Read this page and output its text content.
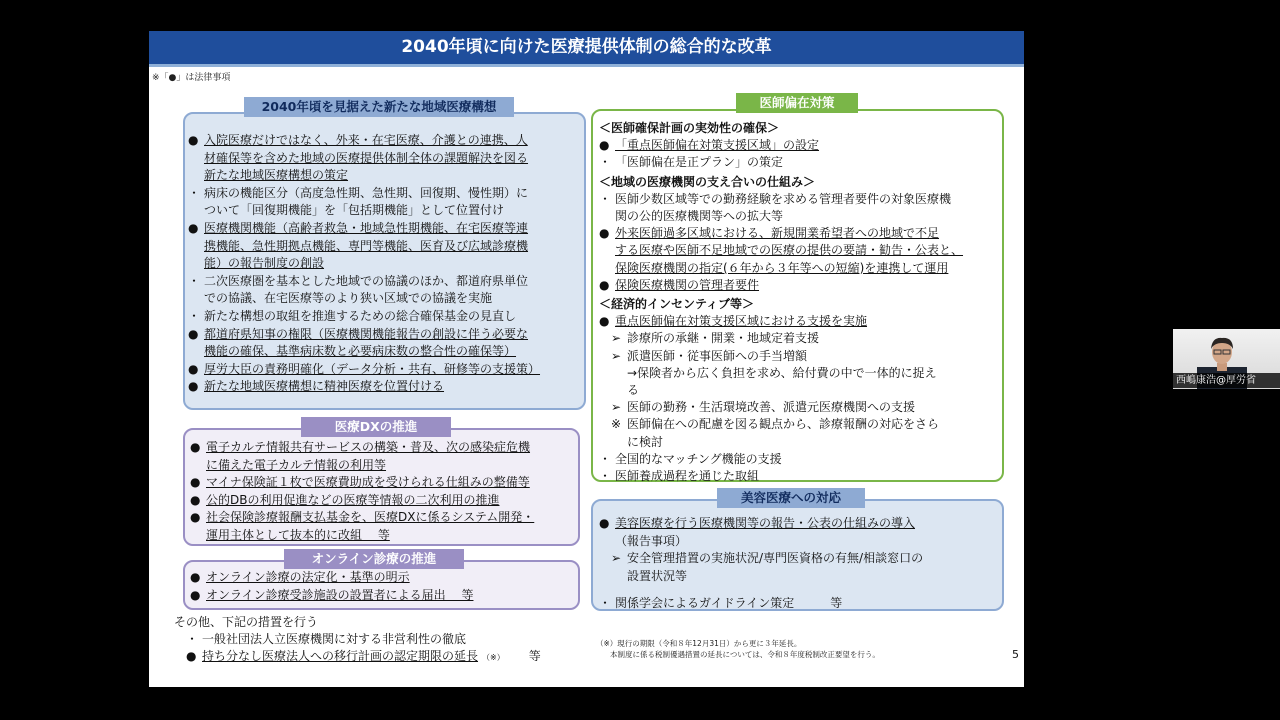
2040年頃に向けた医療提供体制の総合的な改革
※「●」は法律事項
2040年頃を見据えた新たな地域医療構想
● 入院医療だけではなく、外来・在宅医療、介護との連携、人
材確保等を含めた地域の医療提供体制全体の課題解決を図る
新たな地域医療構想の策定
・ 病床の機能区分（高度急性期、急性期、回復期、慢性期）に
ついて「回復期機能」を「包括期機能」として位置付け
● 医療機関機能（高齢者救急・地域急性期機能、在宅医療等連
携機能、急性期拠点機能、専門等機能、医育及び広域診療機
能）の報告制度の創設
・ 二次医療圏を基本とした地域での協議のほか、都道府県単位
での協議、在宅医療等のより狭い区域での協議を実施
・ 新たな構想の取組を推進するための総合確保基金の見直し
● 都道府県知事の権限（医療機関機能報告の創設に伴う必要な
機能の確保、基準病床数と必要病床数の整合性の確保等）
● 厚労大臣の責務明確化（データ分析・共有、研修等の支援策）
● 新たな地域医療構想に精神医療を位置付ける
医療DXの推進
● 電子カルテ情報共有サービスの構築・普及、次の感染症危機
に備えた電子カルテ情報の利用等
● マイナ保険証１枚で医療費助成を受けられる仕組みの整備等
● 公的DBの利用促進などの医療等情報の二次利用の推進
● 社会保険診療報酬支払基金を、医療DXに係るシステム開発・
運用主体として抜本的に改組　 等
オンライン診療の推進
● オンライン診療の法定化・基準の明示
● オンライン診療受診施設の設置者による届出　 等
その他、下記の措置を行う
・ 一般社団法人立医療機関に対する非営利性の徹底
● 持ち分なし医療法人への移行計画の認定期限の延長 （※） 等
医師偏在対策
＜医師確保計画の実効性の確保＞
● 「重点医師偏在対策支援区域」の設定
・ 「医師偏在是正プラン」の策定
＜地域の医療機関の支え合いの仕組み＞
・ 医師少数区域等での勤務経験を求める管理者要件の対象医療機
関の公的医療機関等への拡大等
● 外来医師過多区域における、新規開業希望者への地域で不足
する医療や医師不足地域での医療の提供の要請・勧告・公表と、
保険医療機関の指定(６年から３年等への短縮)を連携して運用
● 保険医療機関の管理者要件
＜経済的インセンティブ等＞
● 重点医師偏在対策支援区域における支援を実施
➢ 診療所の承継・開業・地域定着支援
➢ 派遣医師・従事医師への手当増額
→保険者から広く負担を求め、給付費の中で一体的に捉え
る
➢ 医師の勤務・生活環境改善、派遣元医療機関への支援
※ 医師偏在への配慮を図る観点から、診療報酬の対応をさら
に検討
・ 全国的なマッチング機能の支援
・ 医師養成過程を通じた取組
美容医療への対応
● 美容医療を行う医療機関等の報告・公表の仕組みの導入
（報告事項）
➢ 安全管理措置の実施状況/専門医資格の有無/相談窓口の
設置状況等
・ 関係学会によるガイドライン策定　　　等
（※）現行の期限（令和８年12月31日）から更に３年延長。
本制度に係る税制優遇措置の延長については、令和８年度税制改正要望を行う。	5
西嶋康浩@厚労省
